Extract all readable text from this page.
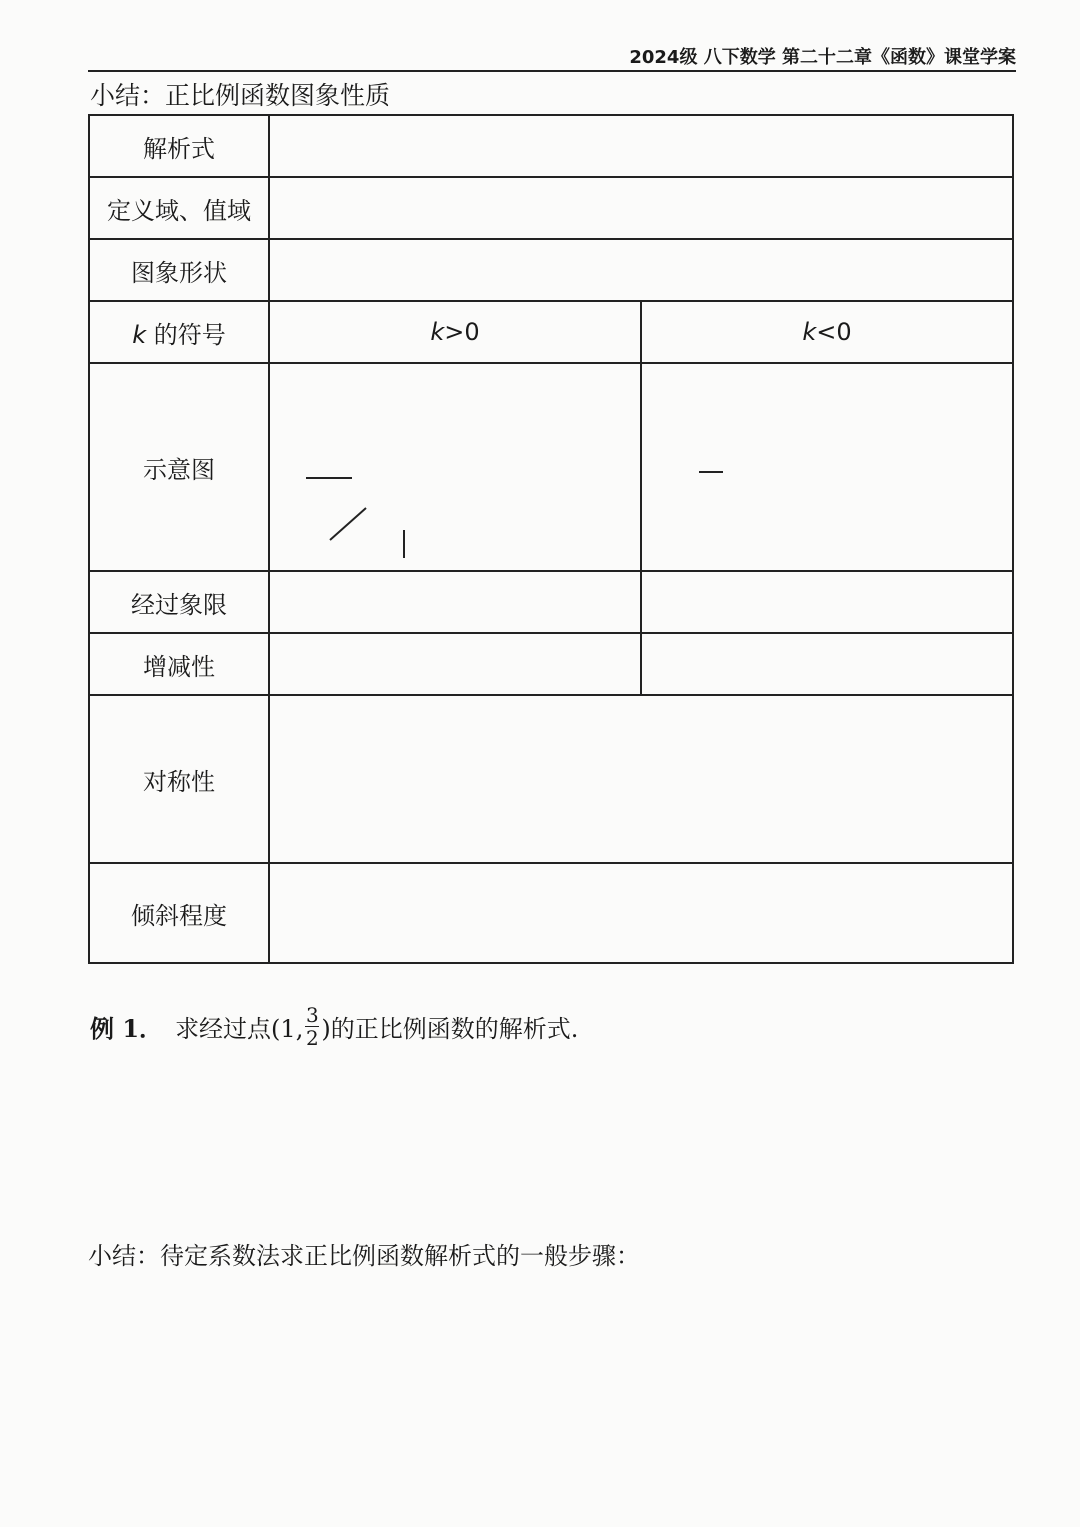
2024级 八下数学 第二十二章《函数》课堂学案
小结：正比例函数图象性质
解析式		
定义域、值域		
图象形状		
k 的符号	k>0	k<0
示意图		
经过象限		
增减性		
对称性		
倾斜程度		
例 1． 求经过点(1, $\frac{3}{2}$ )的正比例函数的解析式.
小结：待定系数法求正比例函数解析式的一般步骤：
